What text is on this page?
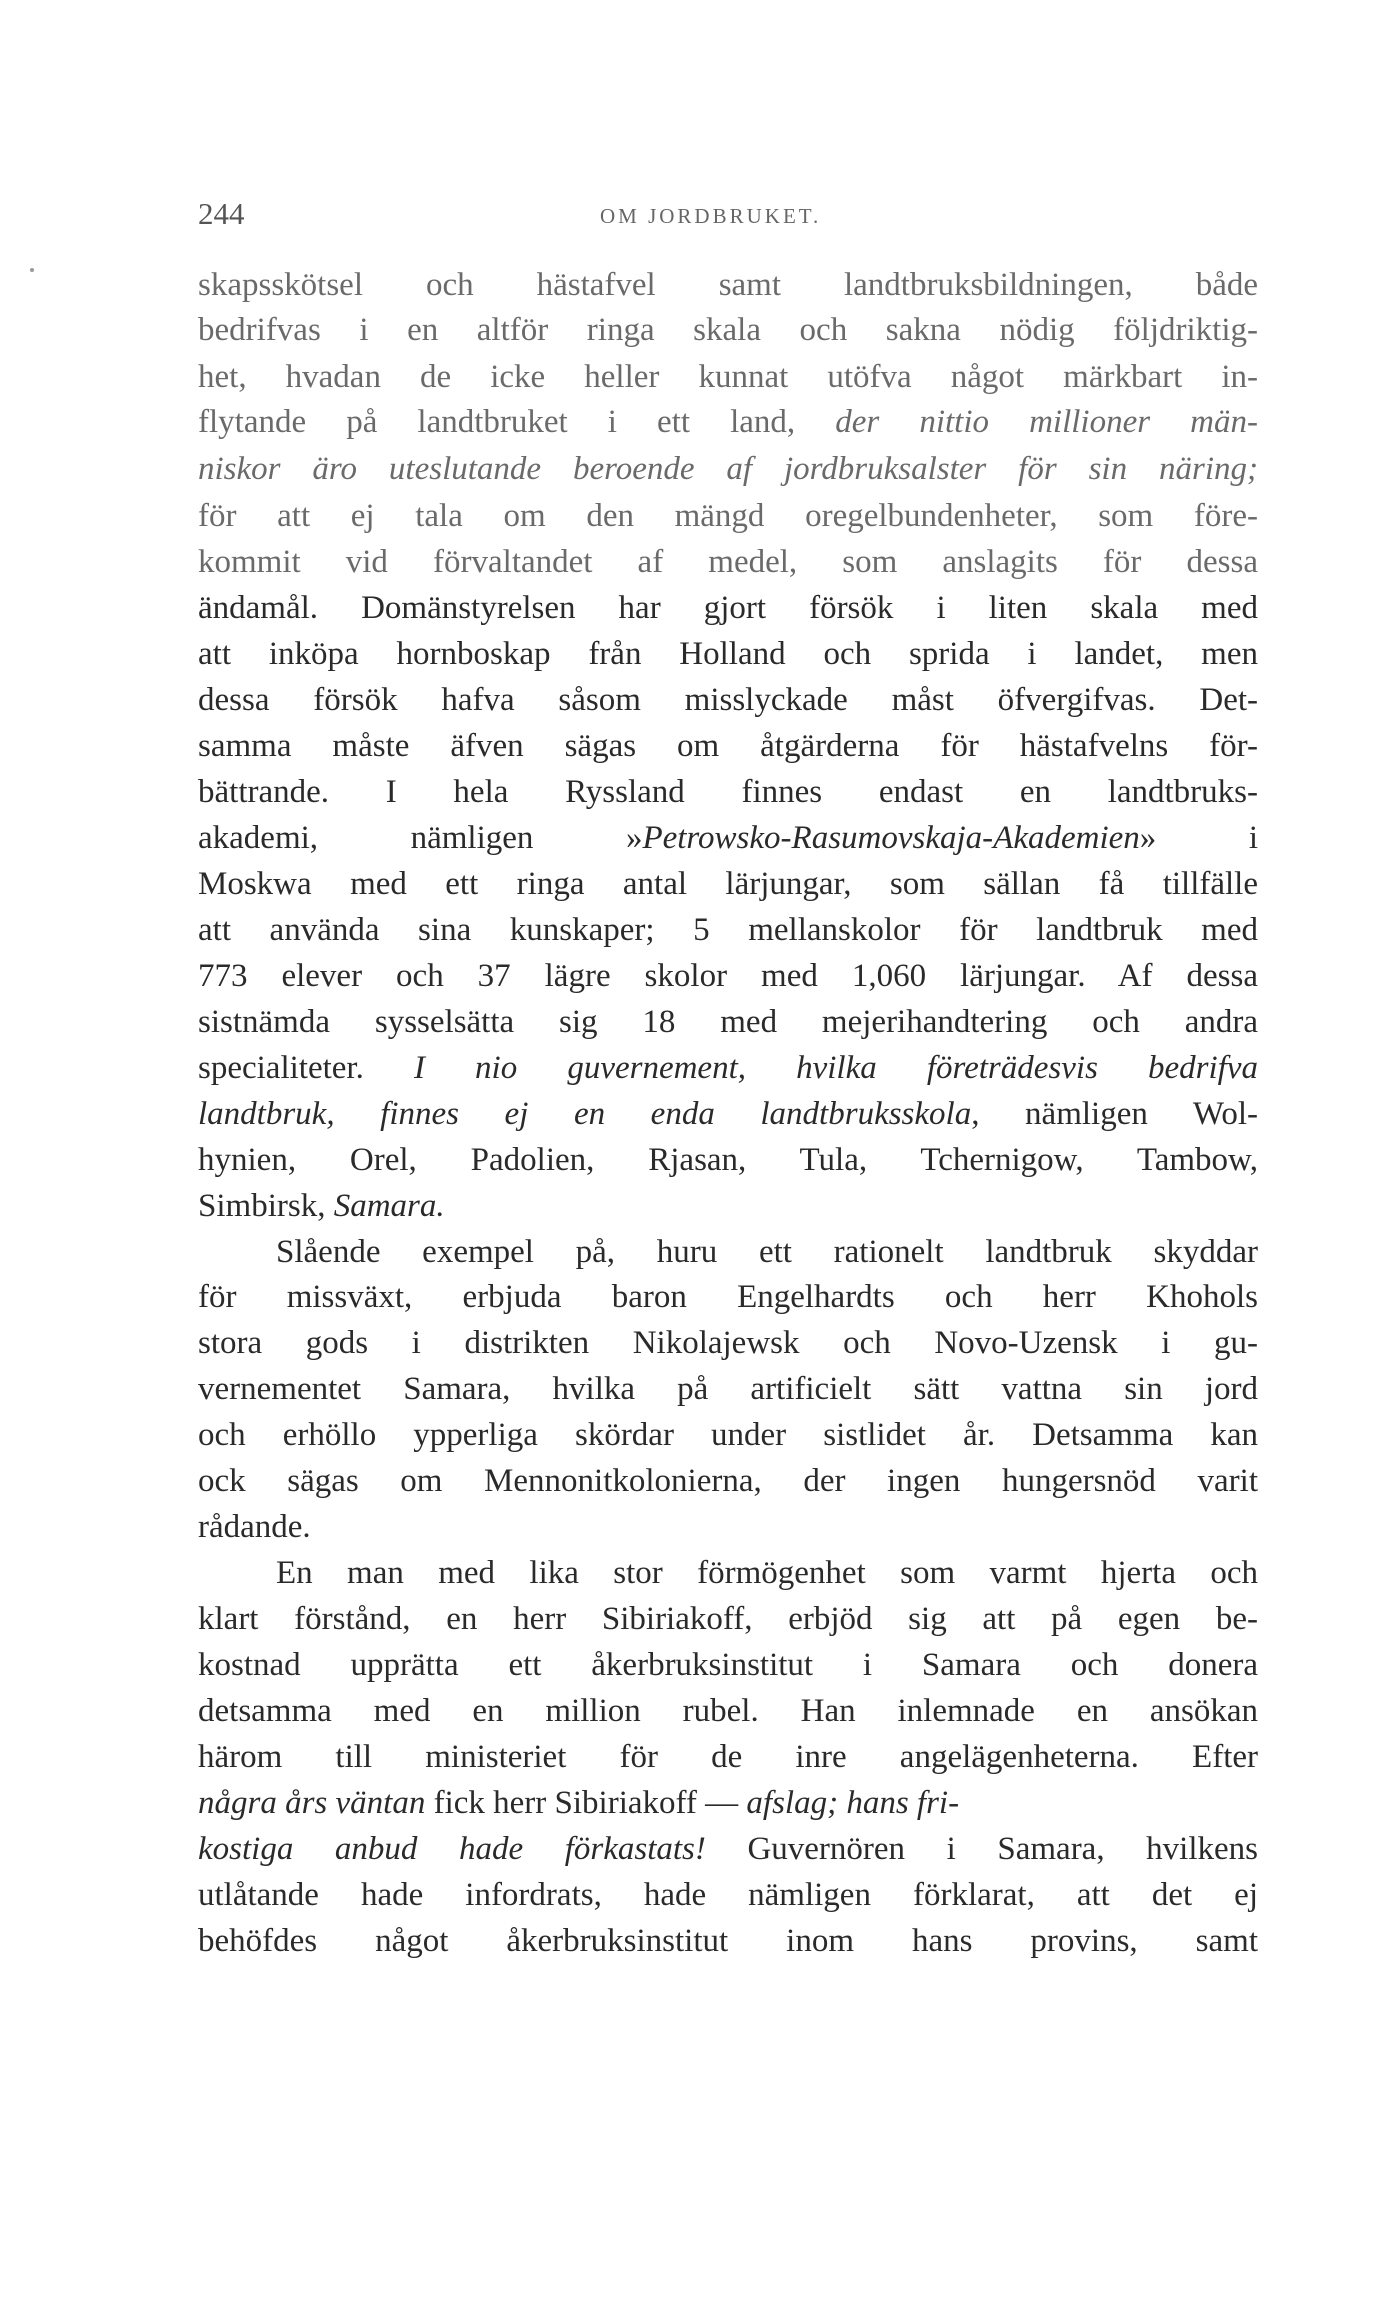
244	OM JORDBRUKET.
skapsskötsel och hästafvel samt landtbruksbildningen, både
bedrifvas i en altför ringa skala och sakna nödig följdriktig-
het, hvadan de icke heller kunnat utöfva något märkbart in-
flytande på landtbruket i ett land, der nittio millioner män-
niskor äro uteslutande beroende af jordbruksalster för sin näring;
för att ej tala om den mängd oregelbundenheter, som före-
kommit vid förvaltandet af medel, som anslagits för dessa
ändamål. Domänstyrelsen har gjort försök i liten skala med
att inköpa hornboskap från Holland och sprida i landet, men
dessa försök hafva såsom misslyckade måst öfvergifvas. Det-
samma måste äfven sägas om åtgärderna för hästafvelns för-
bättrande. I hela Ryssland finnes endast en landtbruks-
akademi, nämligen »Petrowsko-Rasumovskaja-Akademien» i
Moskwa med ett ringa antal lärjungar, som sällan få tillfälle
att använda sina kunskaper; 5 mellanskolor för landtbruk med
773 elever och 37 lägre skolor med 1,060 lärjungar. Af dessa
sistnämda sysselsätta sig 18 med mejerihandtering och andra
specialiteter. I nio guvernement, hvilka företrädesvis bedrifva
landtbruk, finnes ej en enda landtbruksskola, nämligen Wol-
hynien, Orel, Padolien, Rjasan, Tula, Tchernigow, Tambow,
Simbirsk, Samara.
Slående exempel på, huru ett rationelt landtbruk skyddar
för missväxt, erbjuda baron Engelhardts och herr Khohols
stora gods i distrikten Nikolajewsk och Novo-Uzensk i gu-
vernementet Samara, hvilka på artificielt sätt vattna sin jord
och erhöllo ypperliga skördar under sistlidet år. Detsamma kan
ock sägas om Mennonitkolonierna, der ingen hungersnöd varit
rådande.
En man med lika stor förmögenhet som varmt hjerta och
klart förstånd, en herr Sibiriakoff, erbjöd sig att på egen be-
kostnad upprätta ett åkerbruksinstitut i Samara och donera
detsamma med en million rubel. Han inlemnade en ansökan
härom till ministeriet för de inre angelägenheterna. Efter
några års väntan fick herr Sibiriakoff — afslag; hans fri-
kostiga anbud hade förkastats! Guvernören i Samara, hvilkens
utlåtande hade infordrats, hade nämligen förklarat, att det ej
behöfdes något åkerbruksinstitut inom hans provins, samt
